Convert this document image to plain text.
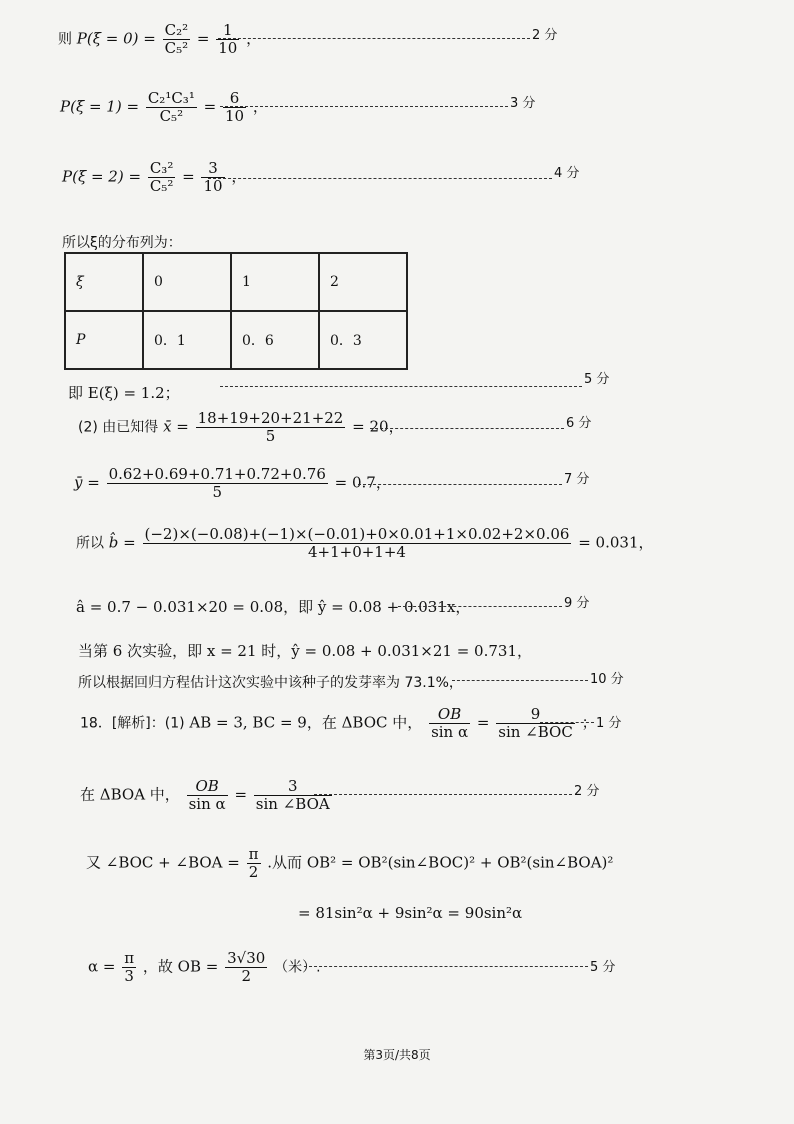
则 $P(\xi = 0) = \frac{\text{C₂²}}{\text{C₅²}} = \frac{1}{10}$ ，	2 分
$P(\xi = 1) = \frac{\text{C₂¹C₃¹}}{\text{C₅²}} = \frac{6}{10}$ ，	3 分
$P(\xi = 2) = \frac{\text{C₃²}}{\text{C₅²}} = \frac{3}{10}$ ，	4 分
所以ξ的分布列为：
ξ	0	1	2
P	0．1	0．6	0．3
即 E(ξ) = 1.2；
5 分
(2) 由已知得 x̄ = $\frac{18+19+20+21+22}{5} = 20$，	6 分
ȳ = $\frac{0.62+0.69+0.71+0.72+0.76}{5} = 0.7$，	7 分
所以 b̂ = $\frac{(-2)\times(-0.08)+(-1)\times(-0.01)+0\times 0.01+1\times 0.02+2\times 0.06}{4+1+0+1+4} = 0.031$，
â = 0.7 − 0.031×20 = 0.08，即 ŷ = 0.08 + 0.031x，	9 分
当第 6 次实验，即 x = 21 时，ŷ = 0.08 + 0.031×21 = 0.731，
所以根据回归方程估计这次实验中该种子的发芽率为 73.1%，	10 分
18．[解析]：(1) AB = 3, BC = 9，在 ΔBOC 中， $\frac{OB}{\text{sin α}} = \frac{9}{\text{sin ∠BOC}}$ ； 1 分
在 ΔBOA 中， $\frac{OB}{\text{sin α}} = \frac{3}{\text{sin ∠BOA}}$	2 分
又 ∠BOC + ∠BOA = $\frac{\pi}{2}$ .从而 OB² = OB²(sin∠BOC)² + OB²(sin∠BOA)²
= 81sin²α + 9sin²α = 90sin²α
$\alpha = \frac{\pi}{3}$ ，故 OB = $\frac{3√30}{2}$ （米）.	5 分
第3页/共8页
